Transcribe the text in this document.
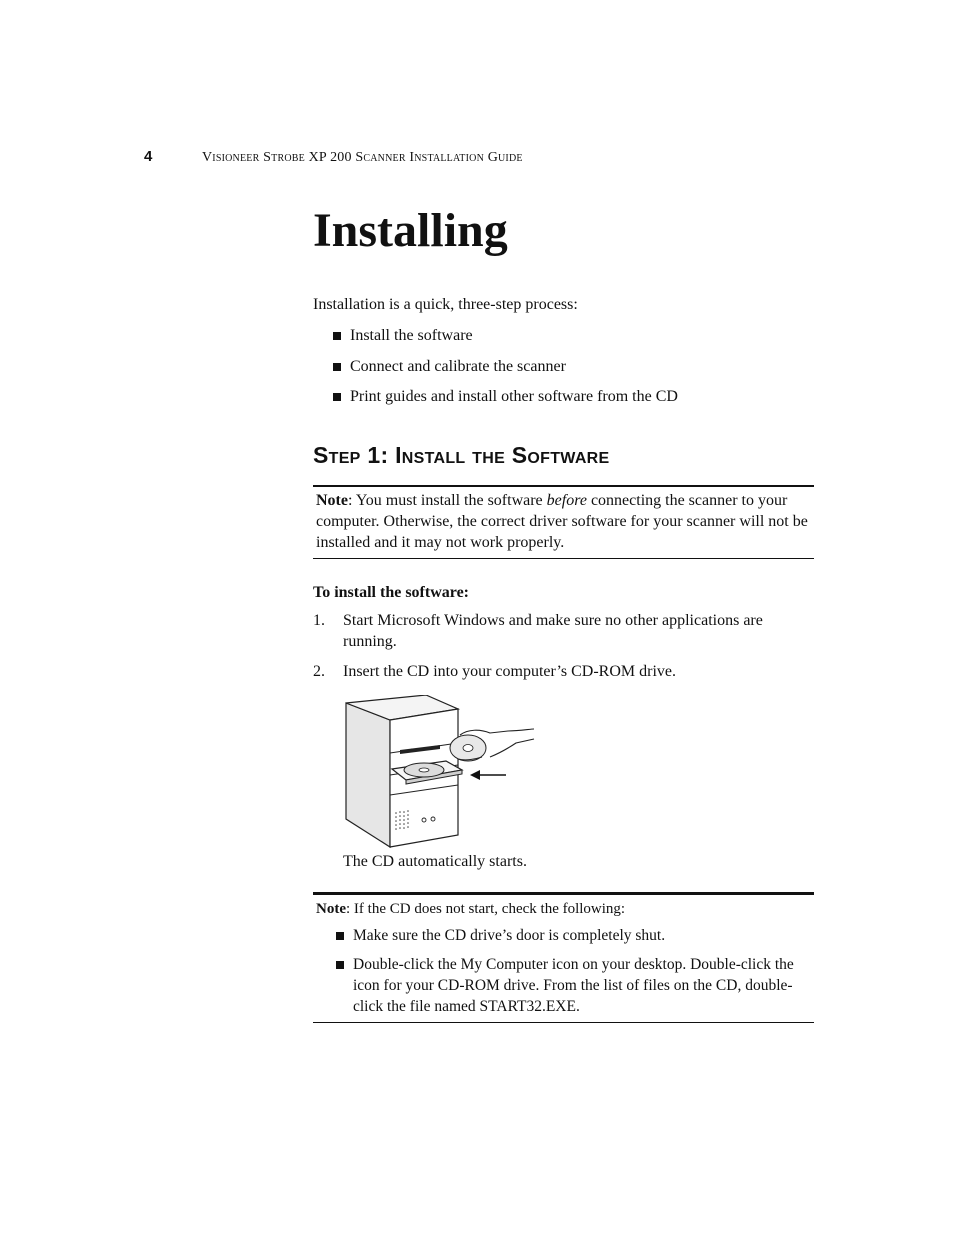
4	Visioneer Strobe XP 200 Scanner Installation Guide
Installing

Installation is a quick, three-step process:

Install the software
Connect and calibrate the scanner
Print guides and install other software from the CD
Step 1: Install the Software
Note: You must install the software before connecting the scanner to your computer. Otherwise, the correct driver software for your scanner will not be installed and it may not work properly.

To install the software:

1.	Start Microsoft Windows and make sure no other applications are running.
2.	Insert the CD into your computer’s CD-ROM drive.

The CD automatically starts.

Note: If the CD does not start, check the following:
Make sure the CD drive’s door is completely shut.
Double-click the My Computer icon on your desktop. Double-click the icon for your CD-ROM drive. From the list of files on the CD, double-click the file named START32.EXE.
